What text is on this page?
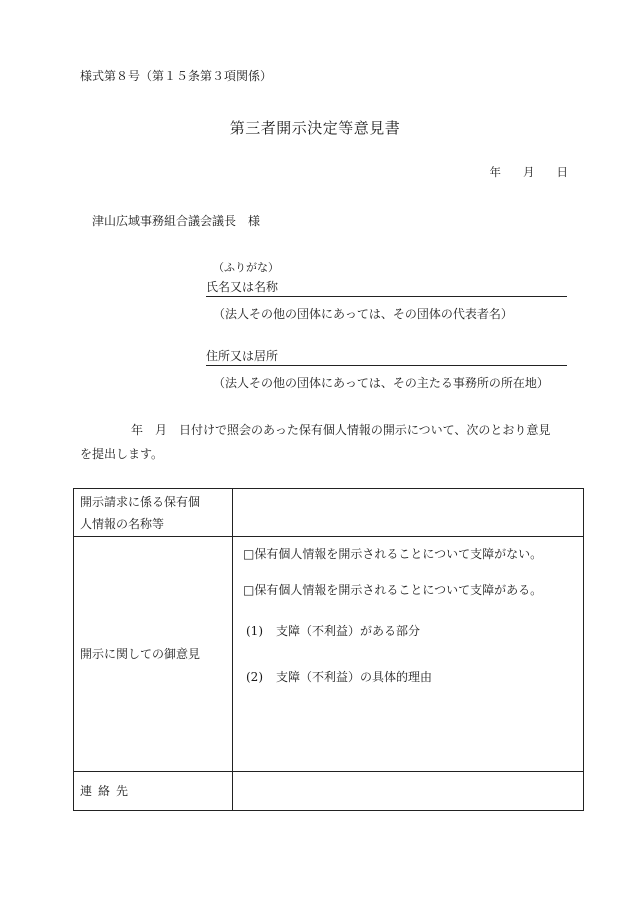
様式第８号（第１５条第３項関係）
第三者開示決定等意見書
年 月 日
津山広域事務組合議会議長　様
（ふりがな）
氏名又は名称
（法人その他の団体にあっては、その団体の代表者名）
住所又は居所
（法人その他の団体にあっては、その主たる事務所の所在地）
年　月　日付けで照会のあった保有個人情報の開示について、次のとおり意見
を提出します。
開示請求に係る保有個
人情報の名称等	

開示に関しての御意見	□保有個人情報を開示されることについて支障がない。

□保有個人情報を開示されることについて支障がある。

(1) 支障（不利益）がある部分

(2) 支障（不利益）の具体的理由

連絡先	
